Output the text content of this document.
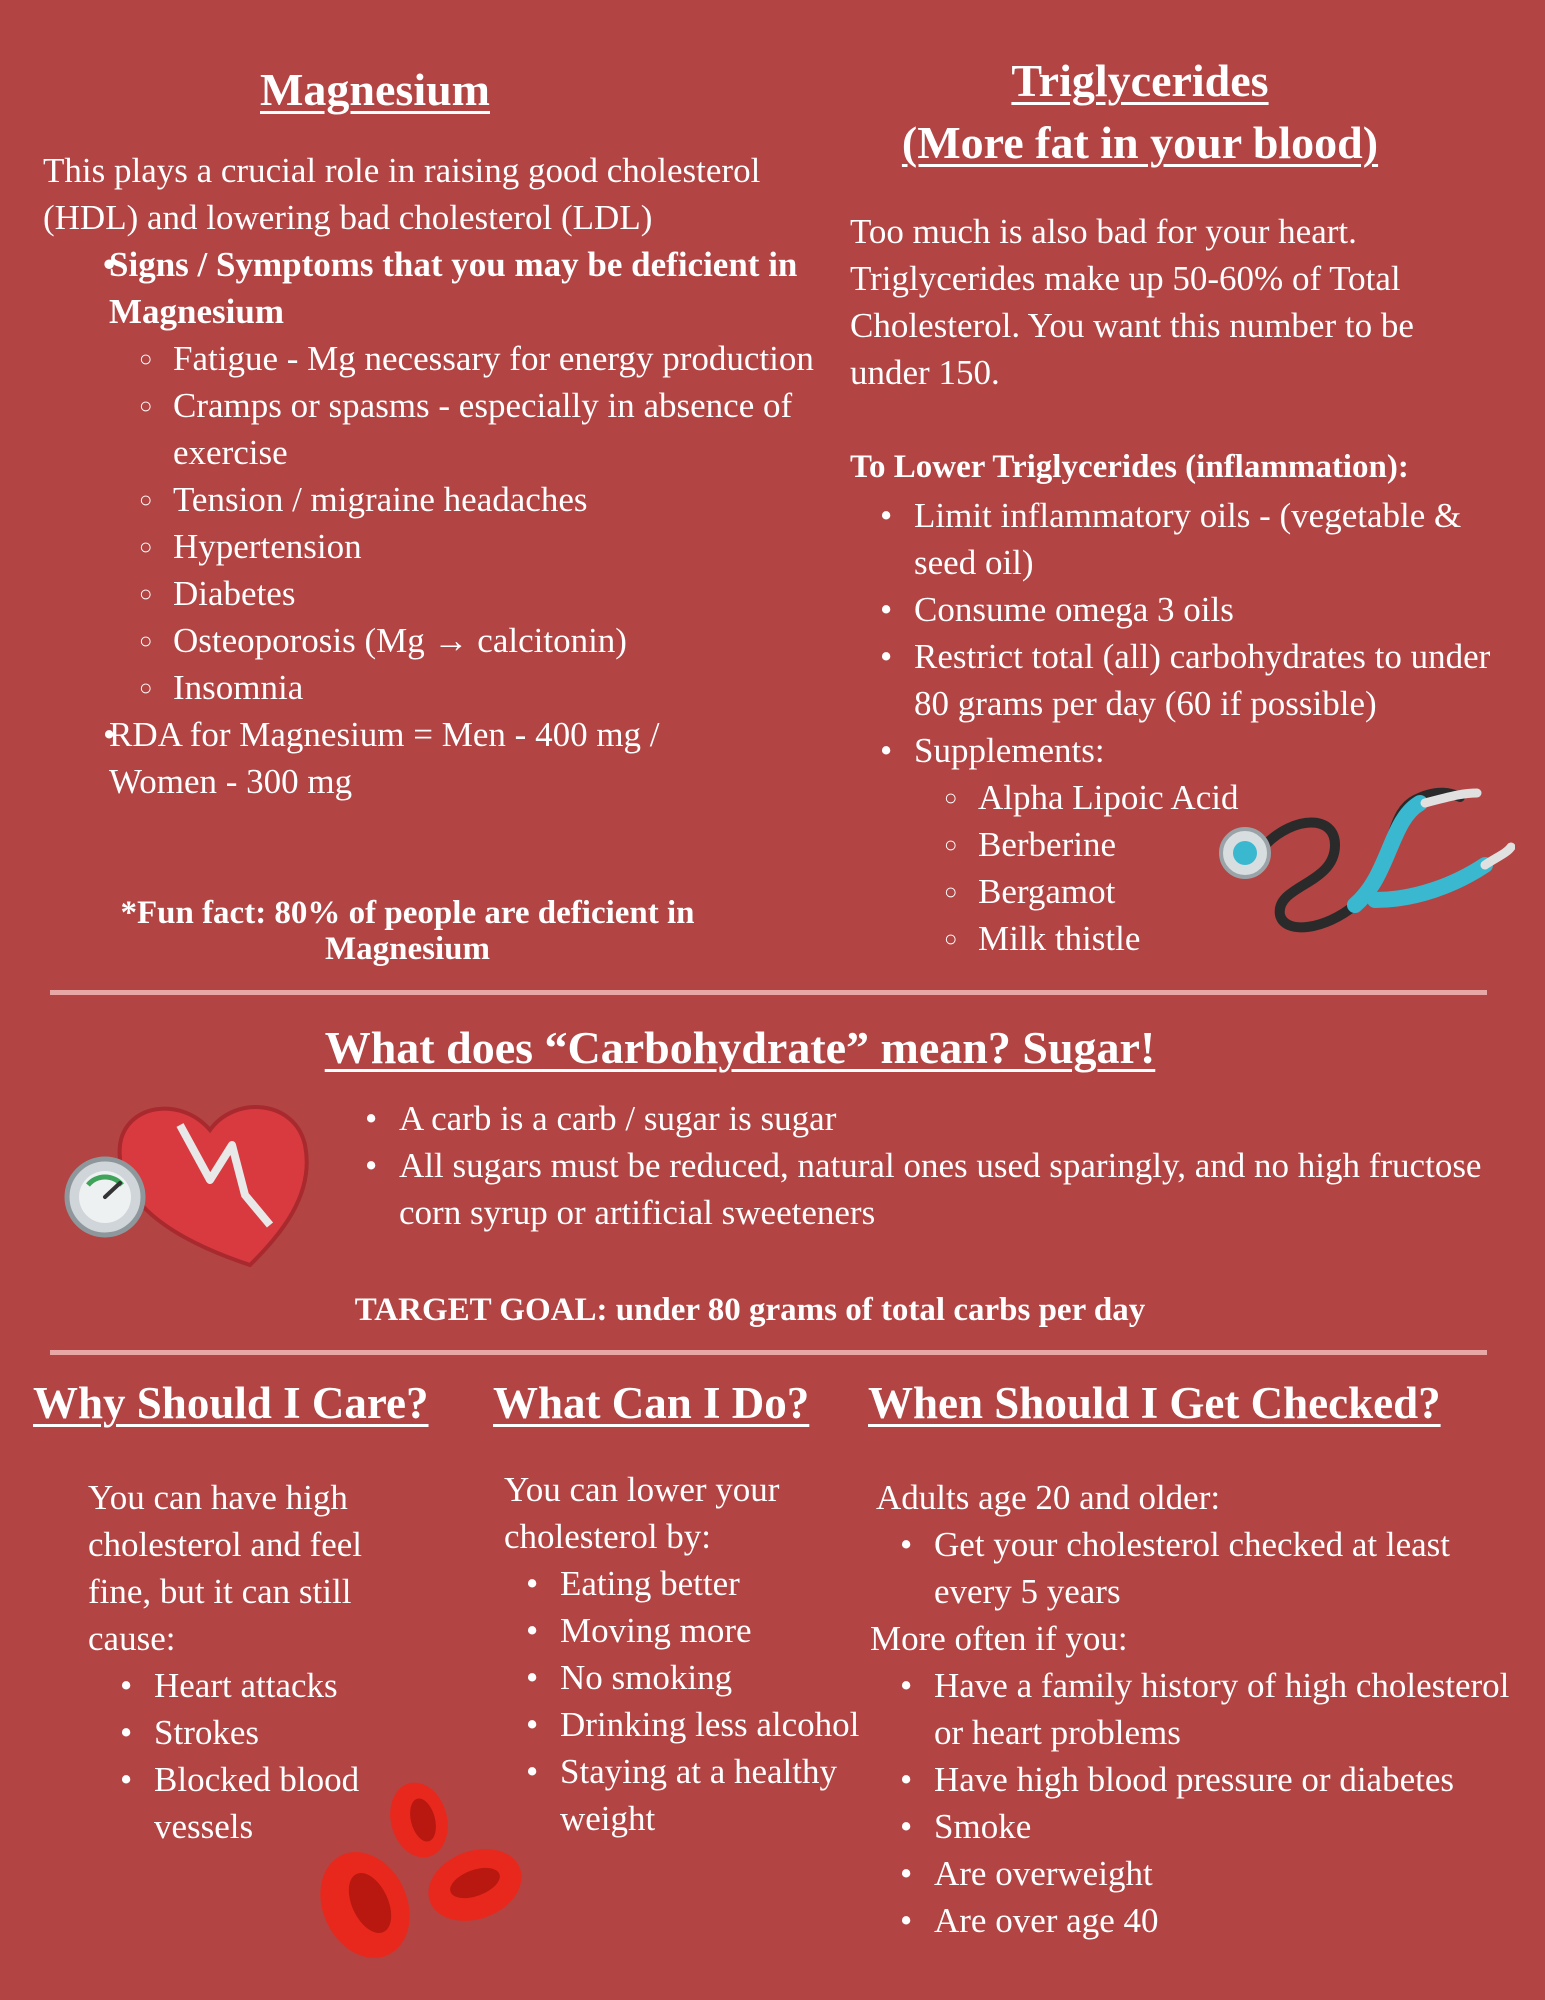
Magnesium

This plays a crucial role in raising good cholesterol (HDL) and lowering bad cholesterol (LDL)

• Signs / Symptoms that you may be deficient in Magnesium
○ Fatigue - Mg necessary for energy production
○ Cramps or spasms - especially in absence of exercise
○ Tension / migraine headaches
○ Hypertension
○ Diabetes
○ Osteoporosis (Mg → calcitonin)
○ Insomnia
• RDA for Magnesium = Men - 400 mg / Women - 300 mg

*Fun fact: 80% of people are deficient in Magnesium

Triglycerides
(More fat in your blood)

Too much is also bad for your heart. Triglycerides make up 50-60% of Total Cholesterol. You want this number to be under 150.

To Lower Triglycerides (inflammation):

• Limit inflammatory oils - (vegetable & seed oil)
• Consume omega 3 oils
• Restrict total (all) carbohydrates to under 80 grams per day (60 if possible)
• Supplements:
○ Alpha Lipoic Acid
○ Berberine
○ Bergamot
○ Milk thistle
What does “Carbohydrate” mean? Sugar!
• A carb is a carb / sugar is sugar
• All sugars must be reduced, natural ones used sparingly, and no high fructose corn syrup or artificial sweeteners

TARGET GOAL: under 80 grams of total carbs per day

Why Should I Care?

You can have high cholesterol and feel fine, but it can still cause:

• Heart attacks
• Strokes
• Blocked blood vessels
What Can I Do?

You can lower your cholesterol by:

• Eating better
• Moving more
• No smoking
• Drinking less alcohol
• Staying at a healthy weight
When Should I Get Checked?

Adults age 20 and older:

• Get your cholesterol checked at least every 5 years

More often if you:

• Have a family history of high cholesterol or heart problems
• Have high blood pressure or diabetes
• Smoke
• Are overweight
• Are over age 40
